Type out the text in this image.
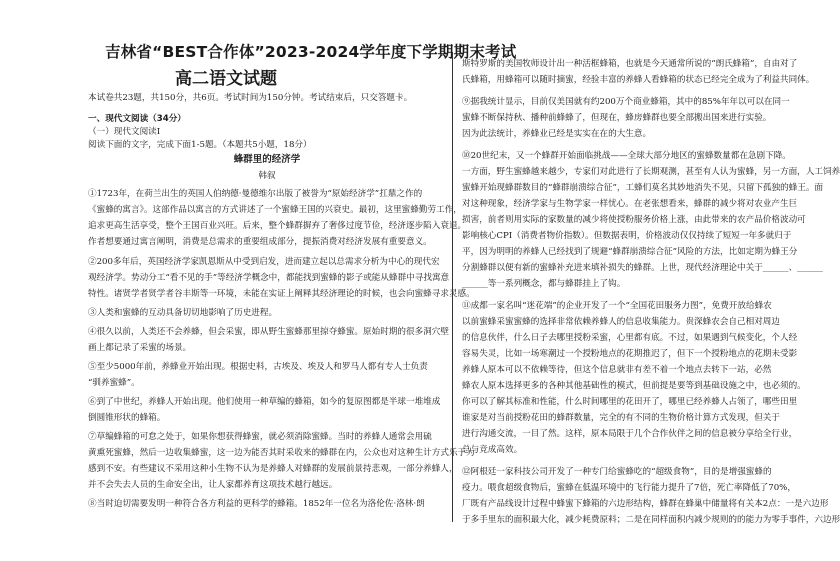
吉林省“BEST合作体”2023-2024学年度下学期期末考试
高二语文试题
本试卷共23题，共150分，共6页。考试时间为150分钟。考试结束后，只交答题卡。
一、现代文阅读（34分）
（一）现代文阅读Ⅰ
阅读下面的文字，完成下面1-5题。（本题共5小题，18分）
蜂群里的经济学
韩叙
①1723年，在荷兰出生的英国人伯纳德·曼德维尔出版了被誉为“原始经济学”扛鼎之作的
《蜜蜂的寓言》。这部作品以寓言的方式讲述了一个蜜蜂王国的兴衰史。最初，这里蜜蜂勤劳工作，
追求更高生活享受，整个王国百业兴旺。后来，整个蜂群摒弃了奢侈过度节俭，经济逐步陷入衰退。
作者想要通过寓言阐明，消费是总需求的重要组成部分，提振消费对经济发展有重要意义。
②200多年后，英国经济学家凯恩斯从中受到启发，进而建立起以总需求分析为中心的现代宏
观经济学。势动分工“看不见的手”等经济学概念中，都能找到蜜蜂的影子或能从蜂群中寻找寓意
特性。诸贤学者贤学者谷丰斯等一环境，未能在实证上阐释其经济理论的时候，也会向蜜蜂寻求灵感。
③人类和蜜蜂的互动具备切切地影响了历史进程。
④很久以前，人类还不会养蜂，但会采蜜，即从野生蜜蜂那里掠夺蜂蜜。原始时期的很多洞穴壁
画上都记录了采蜜的场景。
⑤至少5000年前，养蜂业开始出现。根据史料，古埃及、埃及人和罗马人都有专人士负责
“驯养蜜蜂”。
⑥到了中世纪，养蜂人开始出现。他们使用一种草编的蜂箱，如今的复原图都是半球一堆堆成
倒圆锥形状的蜂箱。
⑦草编蜂箱的可怠之处于，如果你想获得蜂蜜，就必须消除蜜蜂。当时的养蜂人通常会用硫
黄熏死蜜蜂，然后一边收集蜂蜜，这一边为能否其时采收来的蜂群在内，公众也对这种生计方式乐于为
感到不安。有些建议不采用这种小生物不认为是养蜂人对蜂群的发展前景持悲观，一部分养蜂人，
并不会失去人员的生命安全出，让人家都养育这项技术越行越远。
⑧当时迫切需要发明一种符合各方利益的更科学的蜂箱。1852年一位名为洛伦佐·洛林·朗
斯特罗斯的美国牧师设计出一种活框蜂箱，也就是今天通常所说的“朗氏蜂箱”，自由对了
氏蜂箱，用蜂箱可以随时摘蜜，经验丰富的养蜂人看蜂箱的状态已经完全成为了利益共同体。
⑨据我统计显示，目前仅美国就有约200万个商业蜂箱，其中的85%年年以可以在同一
蜜蜂不断保持秋、播种前蜂蜂了，但现在，蜂房蜂群也要全部搬出国来进行实验。
因为此法统计，养蜂业已经是实实在在的大生意。
⑩20世纪末，又一个蜂群开始面临挑战——全球大部分地区的蜜蜂数量都在急剧下降。
一方面，野生蜜蜂越来越少，专家们对此进行了长期观测，甚至有人认为蜜蜂，另一方面，人工饲养
蜜蜂开始现蜂群数目的“蜂群崩溃综合征”，工蜂们莫名其妙地消失不见，只留下孤独的蜂王。面
对这种现象，经济学家与生物学家一样忧心。在老张想看来，蜂群的减少将对农业产生巨
损害，前者则用实际的家数量的减少将使授粉服务价格上涨，由此带来的农产品价格波动可
影响核心CPI（消费者物价指数）。但数据表明，价格波动仅仅持续了短短一年多就归于
平，因为明明的养蜂人已经找到了规避“蜂群崩溃综合征”风险的方法，比如定期为蜂王分
分割蜂群以便有新的蜜蜂补充进来填补损失的蜂群。上世，现代经济理论中关于______、______
______等一系列概念，都与蜂群挂上了钩。
⑪成都一家名叫“迷花端”的企业开发了一个“全国花田服务力图”，免费开放给蜂农
以前蜜蜂采蜜蜜蜂的选择非常依赖养蜂人的信息收集能力。贵深蜂农会自己相对周边
的信息伙伴，什么日子去哪里授粉采蜜，心里都有底。不过，如果遇到气候变化，个人经
容易失灵，比如一场寒潮过一个授粉地点的花期推迟了，但下一个授粉地点的花期未受影
养蜂人原本可以不依赖等待，但这个信息就非有差不着一个地点去转下一站，必然
蜂农人原本选择更多的各种其他基础性的模式，但前提是要等到基础设施之中，也必须的。
你可以了解其标准和性能，什么时间哪里的花田开了，哪里已经养蜂人占领了，哪些田里
谁家是对当前授粉花田的蜂群数量，完全的有不同的生物价格计算方式发现，但关于
进行沟通交流，一目了然。这样，原本局限于几个合作伙伴之间的信息被分享给全行业，
总与竞成高效。
⑫阿根廷一家科技公司开发了一种专门给蜜蜂吃的“超级食物”，目的是增强蜜蜂的
疫力。喂食超级食物后，蜜蜂在低温环境中的飞行能力提升了7倍，死亡率降低了70%，
厂既有产品线设计过程中蜂蜜下蜂箱的六边形结构，蜂群在蜂巢中储量将有关本2点：一是六边形
于多手里东的面积最大化，减少耗费原料；二是在同样面积内减少规则的的能力为零手事件，六边形
